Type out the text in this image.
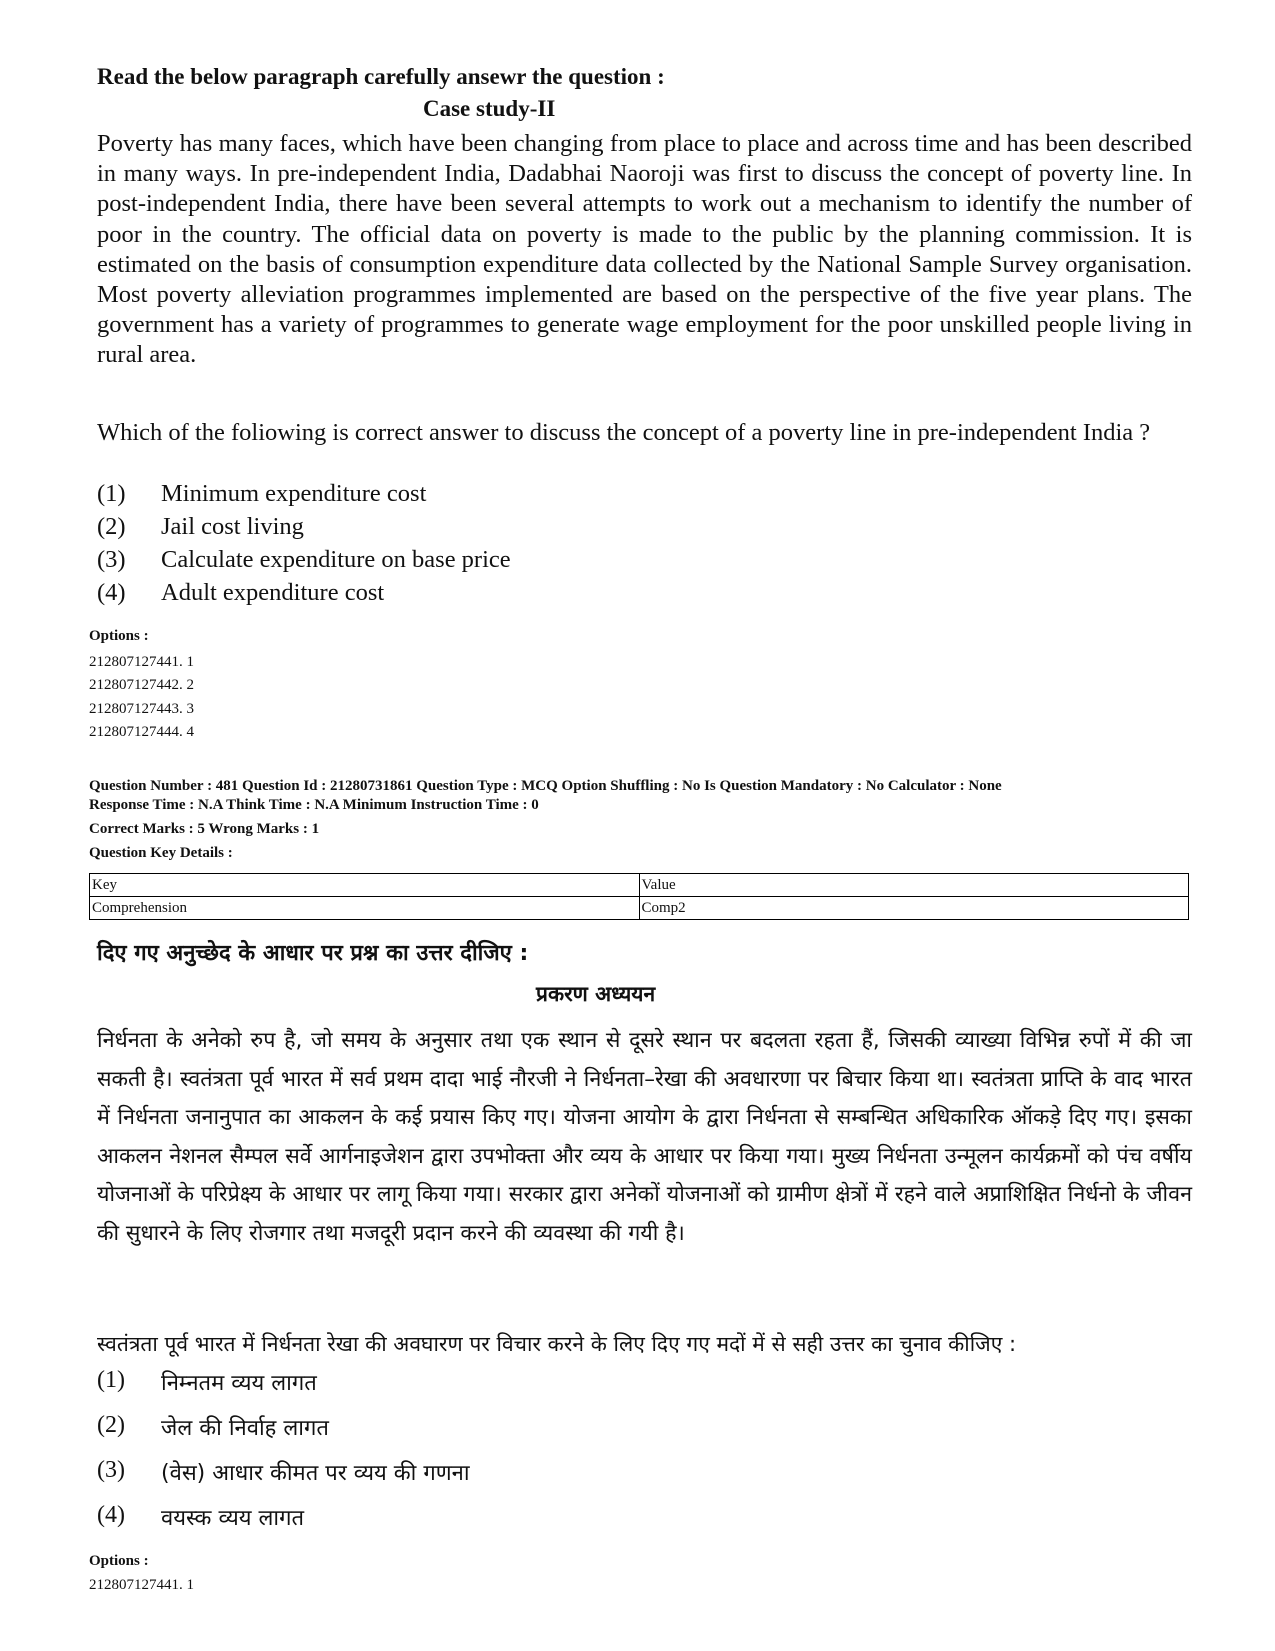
Read the below paragraph carefully ansewr the question :
Case study-II
Poverty has many faces, which have been changing from place to place and across time and has been described in many ways. In pre-independent India, Dadabhai Naoroji was first to discuss the concept of poverty line. In post-independent India, there have been several attempts to work out a mechanism to identify the number of poor in the country. The official data on poverty is made to the public by the planning commission. It is estimated on the basis of consumption expenditure data collected by the National Sample Survey organisation. Most poverty alleviation programmes implemented are based on the perspective of the five year plans. The government has a variety of programmes to generate wage employment for the poor unskilled people living in rural area.
Which of the foliowing is correct answer to discuss the concept of a poverty line in pre-independent India ?
(1) Minimum expenditure cost
(2) Jail cost living
(3) Calculate expenditure on base price
(4) Adult expenditure cost
Options :
212807127441. 1
212807127442. 2
212807127443. 3
212807127444. 4
Question Number : 481 Question Id : 21280731861 Question Type : MCQ Option Shuffling : No Is Question Mandatory : No Calculator : None
Response Time : N.A Think Time : N.A Minimum Instruction Time : 0
Correct Marks : 5 Wrong Marks : 1
Question Key Details :
Key	Value
Comprehension	Comp2
दिए गए अनुच्छेद के आधार पर प्रश्न का उत्तर दीजिए :
प्रकरण अध्ययन
निर्धनता के अनेको रुप है, जो समय के अनुसार तथा एक स्थान से दूसरे स्थान पर बदलता रहता हैं, जिसकी व्याख्या विभिन्न रुपों में की जा सकती है। स्वतंत्रता पूर्व भारत में सर्व प्रथम दादा भाई नौरजी ने निर्धनता–रेखा की अवधारणा पर बिचार किया था। स्वतंत्रता प्राप्ति के वाद भारत में निर्धनता जनानुपात का आकलन के कई प्रयास किए गए। योजना आयोग के द्वारा निर्धनता से सम्बन्धित अधिकारिक ऑकड़े दिए गए। इसका आकलन नेशनल सैम्पल सर्वे आर्गनाइजेशन द्वारा उपभोक्ता और व्यय के आधार पर किया गया। मुख्य निर्धनता उन्मूलन कार्यक्रमों को पंच वर्षीय योजनाओं के परिप्रेक्ष्य के आधार पर लागू किया गया। सरकार द्वारा अनेकों योजनाओं को ग्रामीण क्षेत्रों में रहने वाले अप्राशिक्षित निर्धनो के जीवन की सुधारने के लिए रोजगार तथा मजदूरी प्रदान करने की व्यवस्था की गयी है।
स्वतंत्रता पूर्व भारत में निर्धनता रेखा की अवघारण पर विचार करने के लिए दिए गए मदों में से सही उत्तर का चुनाव कीजिए :
(1) निम्नतम व्यय लागत
(2) जेल की निर्वाह लागत
(3) (वेस) आधार कीमत पर व्यय की गणना
(4) वयस्क व्यय लागत
Options :
212807127441. 1
